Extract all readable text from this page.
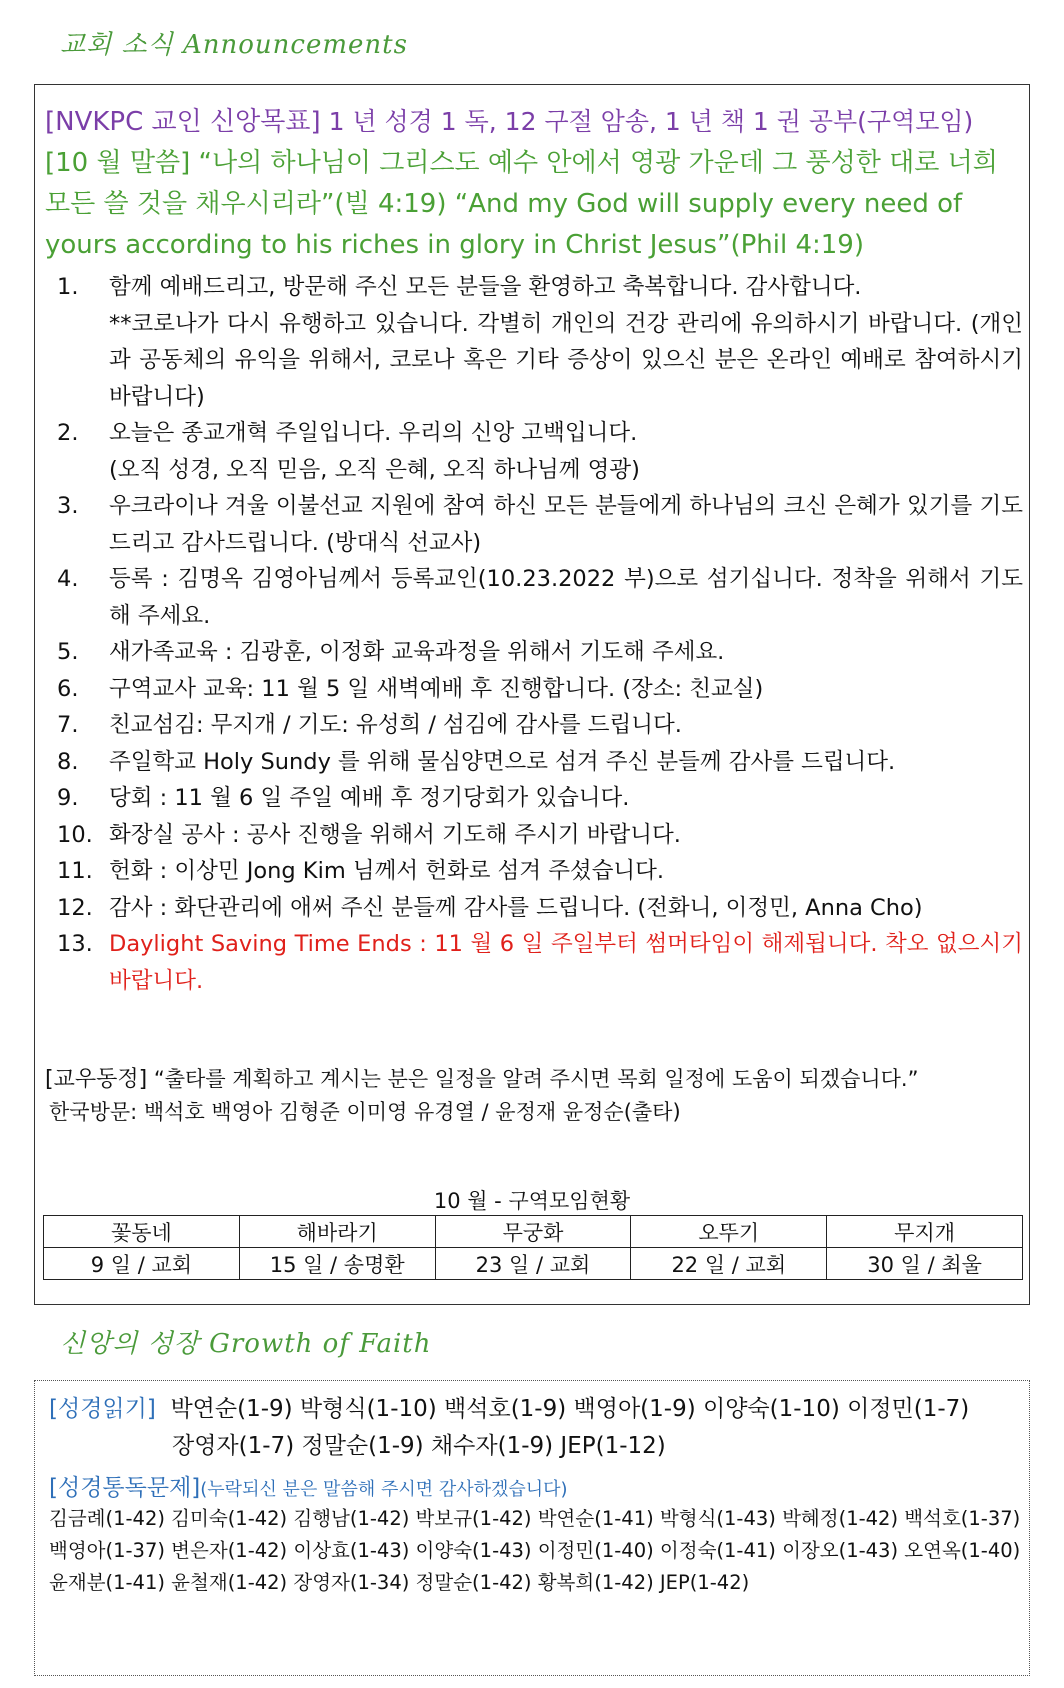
교회 소식 Announcements
[NVKPC 교인 신앙목표] 1 년 성경 1 독, 12 구절 암송, 1 년 책 1 권 공부(구역모임)
[10 월 말씀] “나의 하나님이 그리스도 예수 안에서 영광 가운데 그 풍성한 대로 너희 모든 쓸 것을 채우시리라”(빌 4:19) “And my God will supply every need of yours according to his riches in glory in Christ Jesus”(Phil 4:19)
1.	함께 예배드리고, 방문해 주신 모든 분들을 환영하고 축복합니다. 감사합니다.
**코로나가 다시 유행하고 있습니다. 각별히 개인의 건강 관리에 유의하시기 바랍니다. (개인과 공동체의 유익을 위해서, 코로나 혹은 기타 증상이 있으신 분은 온라인 예배로 참여하시기 바랍니다)
2.	오늘은 종교개혁 주일입니다. 우리의 신앙 고백입니다.
(오직 성경, 오직 믿음, 오직 은혜, 오직 하나님께 영광)
3.	우크라이나 겨울 이불선교 지원에 참여 하신 모든 분들에게 하나님의 크신 은혜가 있기를 기도드리고 감사드립니다. (방대식 선교사)
4.	등록 : 김명옥 김영아님께서 등록교인(10.23.2022 부)으로 섬기십니다. 정착을 위해서 기도해 주세요.
5.	새가족교육 : 김광훈, 이정화 교육과정을 위해서 기도해 주세요.
6.	구역교사 교육: 11 월 5 일 새벽예배 후 진행합니다. (장소: 친교실)
7.	친교섬김: 무지개 / 기도: 유성희 / 섬김에 감사를 드립니다.
8.	주일학교 Holy Sundy 를 위해 물심양면으로 섬겨 주신 분들께 감사를 드립니다.
9.	당회 : 11 월 6 일 주일 예배 후 정기당회가 있습니다.
10. 화장실 공사 : 공사 진행을 위해서 기도해 주시기 바랍니다.
11. 헌화 : 이상민 Jong Kim 님께서 헌화로 섬겨 주셨습니다.
12. 감사 : 화단관리에 애써 주신 분들께 감사를 드립니다. (전화니, 이정민, Anna Cho)
13. Daylight Saving Time Ends : 11 월 6 일 주일부터 썸머타임이 해제됩니다. 착오 없으시기 바랍니다.
[교우동정] “출타를 계획하고 계시는 분은 일정을 알려 주시면 목회 일정에 도움이 되겠습니다.”
한국방문: 백석호 백영아 김형준 이미영 유경열 / 윤정재 윤정순(출타)
10 월 - 구역모임현황
꽃동네	해바라기	무궁화	오뚜기	무지개
9 일 / 교회	15 일 / 송명환	23 일 / 교회	22 일 / 교회	30 일 / 최울
신앙의 성장 Growth of Faith
[성경읽기] 박연순(1-9) 박형식(1-10) 백석호(1-9) 백영아(1-9) 이양숙(1-10) 이정민(1-7)
장영자(1-7) 정말순(1-9) 채수자(1-9) JEP(1-12)
[성경통독문제](누락되신 분은 말씀해 주시면 감사하겠습니다)
김금례(1-42) 김미숙(1-42) 김행남(1-42) 박보규(1-42) 박연순(1-41) 박형식(1-43) 박혜정(1-42) 백석호(1-37) 백영아(1-37) 변은자(1-42) 이상효(1-43) 이양숙(1-43) 이정민(1-40) 이정숙(1-41) 이장오(1-43) 오연옥(1-40) 윤재분(1-41) 윤철재(1-42) 장영자(1-34) 정말순(1-42) 황복희(1-42) JEP(1-42)
